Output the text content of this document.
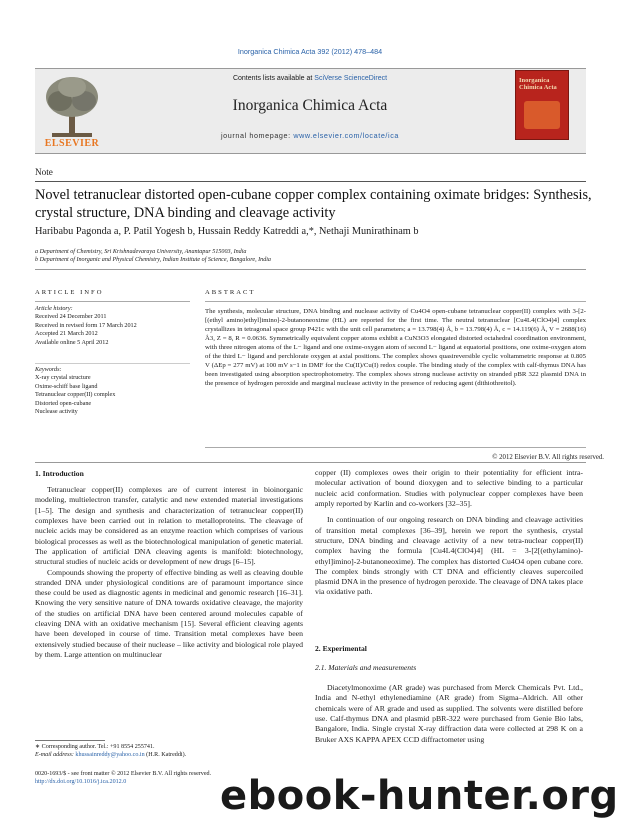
Inorganica Chimica Acta 392 (2012) 478–484
ELSEVIER
Contents lists available at SciVerse ScienceDirect
Inorganica Chimica Acta
journal homepage: www.elsevier.com/locate/ica
Inorganica Chimica Acta
Note
Novel tetranuclear distorted open-cubane copper complex containing oximate bridges: Synthesis, crystal structure, DNA binding and cleavage activity
Haribabu Pagonda a, P. Patil Yogesh b, Hussain Reddy Katreddi a,*, Nethaji Munirathinam b
a Department of Chemistry, Sri Krishnadevaraya University, Anantapur 515003, India
b Department of Inorganic and Physical Chemistry, Indian Institute of Science, Bangalore, India
ARTICLE INFO	ABSTRACT
Article history:
Received 24 December 2011
Received in revised form 17 March 2012
Accepted 21 March 2012
Available online 5 April 2012
Keywords:
X-ray crystal structure
Oxime-schiff base ligand
Tetranuclear copper(II) complex
Distorted open-cubane
Nuclease activity
The synthesis, molecular structure, DNA binding and nuclease activity of Cu4O4 open-cubane tetranuclear copper(II) complex with 3-[2-[(ethyl amino)ethyl]imino]-2-butanoneoxime (HL) are reported for the first time. The neutral tetranuclear [Cu4L4(ClO4)4] complex crystallizes in tetragonal space group P421c with the unit cell parameters; a = 13.798(4) Å, b = 13.798(4) Å, c = 14.119(6) Å, V = 2688(16) Å3, Z = 8, R = 0.0636. Symmetrically equivalent copper atoms exhibit a CuN3O3 elongated distorted octahedral coordination environment, with three nitrogen atoms of the L− ligand and one oxime-oxygen atom of second L− ligand at equatorial positions, one oxime-oxygen atom of the third L− ligand and perchlorate oxygen at axial positions. The complex shows quasireversible cyclic voltammetric response at 0.805 V (ΔEp = 277 mV) at 100 mV s−1 in DMF for the Cu(II)/Cu(I) redox couple. The binding study of the complex with calf-thymus DNA has been investigated using absorption spectrophotometry. The complex shows strong nuclease activity on stranded pBR 322 plasmid DNA in the presence of hydrogen peroxide and marginal nuclease activity in the presence of reducing agent (dithiothreitol).
© 2012 Elsevier B.V. All rights reserved.
1. Introduction

Tetranuclear copper(II) complexes are of current interest in bioinorganic modeling, multielectron transfer, catalytic and new extended material investigations [1–5]. The design and synthesis and characterization of tetranuclear copper(II) complexes have been carried out in relation to metalloproteins. The cleavage of nucleic acids may be considered as an enzyme reaction which comprises of various biological processes as well as the biotechnological manipulation of genetic material. The application of artificial DNA cleaving agents is manifold: biotechnology, structural studies of nucleic acids or development of new drugs [6–15].

Compounds showing the property of effective binding as well as cleaving double stranded DNA under physiological conditions are of paramount importance since these could be used as diagnostic agents in medicinal and genomic research [16–31]. Knowing the very sensitive nature of DNA towards oxidative cleavage, the majority of the studies on artificial DNA have been centered around molecules capable of cleaving DNA with an oxidative mechanism [15]. Several efficient cleaving agents have been developed in course of time. Transition metal complexes have been extensively studied because of their nuclease – like activity and biological role played by them. Large attention on multinuclear

copper (II) complexes owes their origin to their potentiality for efficient intra-molecular activation of bound dioxygen and to selective binding to a particular nucleic acid conformation. Studies with polynuclear copper complexes have been amply reported by Karlin and co-workers [32–35].

In continuation of our ongoing research on DNA binding and cleavage activities of transition metal complexes [36–39], herein we report the synthesis, crystal structure, DNA binding and cleavage activity of a new tetra-nuclear copper(II) complex having the formula [Cu4L4(ClO4)4] (HL = 3-[2[(ethylamino)-ethyl]imino]-2-butanoneoxime). The complex has distorted Cu4O4 open cubane core. The complex binds strongly with CT DNA and efficiently cleaves supercoiled plasmid DNA in the presence of hydrogen peroxide. The cleavage of DNA takes place via oxidative path.

2. Experimental
2.1. Materials and measurements

Diacetylmonoxime (AR grade) was purchased from Merck Chemicals Pvt. Ltd., India and N-ethyl ethylenediamine (AR grade) from Sigma–Aldrich. All other chemicals were of AR grade and used as supplied. The solvents were distilled before use. Calf-thymus DNA and plasmid pBR-322 were purchased from Genie Bio labs, Bangalore, India. Single crystal X-ray diffraction data were collected at 298 K on a Bruker AXS KAPPA APEX CCD diffractometer using

∗ Corresponding author. Tel.: +91 8554 255741.
E-mail address: khussainreddy@yahoo.co.in (H.R. Katreddi).
0020-1693/$ - see front matter © 2012 Elsevier B.V. All rights reserved.
http://dx.doi.org/10.1016/j.ica.2012.0	ebook-hunter.org
